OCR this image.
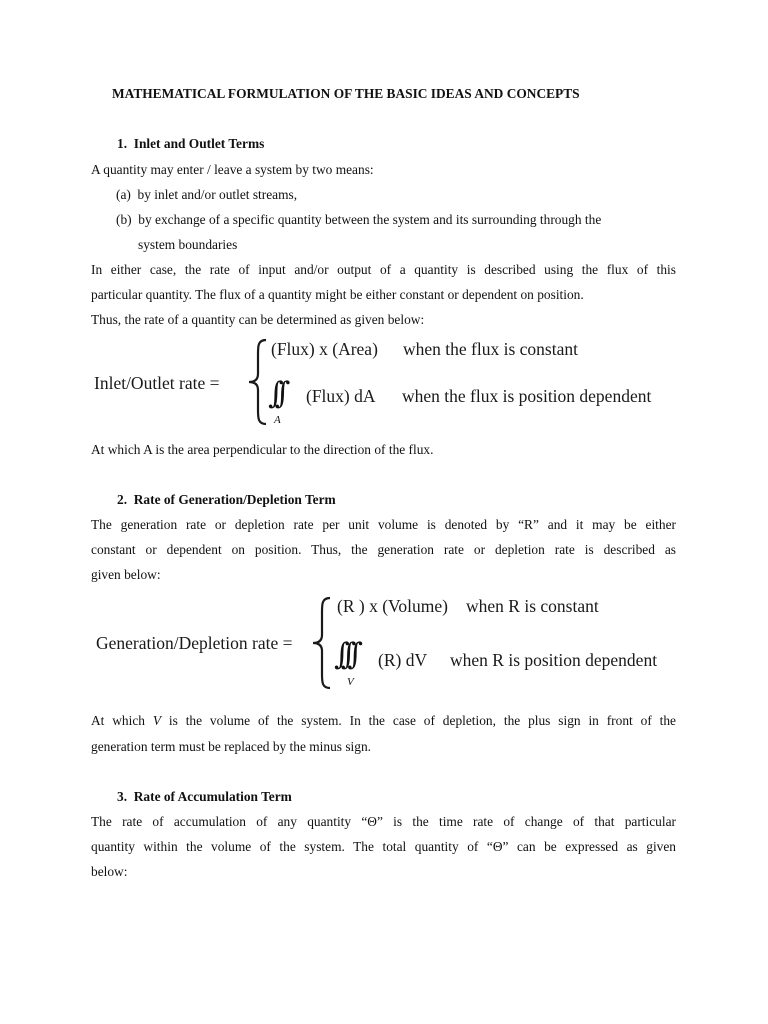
MATHEMATICAL FORMULATION OF THE BASIC IDEAS AND CONCEPTS
1.  Inlet and Outlet Terms
A quantity may enter / leave a system by two means:
(a)  by inlet and/or outlet streams,
(b)  by exchange of a specific quantity between the system and its surrounding through the
system boundaries
In either case, the rate of input and/or output of a quantity is described using the flux of this
particular quantity. The flux of a quantity might be either constant or dependent on position.
Thus, the rate of a quantity can be determined as given below:
Inlet/Outlet rate =
(Flux) x (Area) when the flux is constant
∫∫
A
(Flux) dA when the flux is position dependent
At which A is the area perpendicular to the direction of the flux.
2.  Rate of Generation/Depletion Term
The generation rate or depletion rate per unit volume is denoted by “R” and it may be either
constant or dependent on position. Thus, the generation rate or depletion rate is described as
given below:
Generation/Depletion rate =
(R ) x (Volume) when R is constant
∫∫∫
V
(R) dV when R is position dependent
At which V is the volume of the system. In the case of depletion, the plus sign in front of the
generation term must be replaced by the minus sign.
3.  Rate of Accumulation Term
The rate of accumulation of any quantity “Θ” is the time rate of change of that particular
quantity within the volume of the system. The total quantity of “Θ” can be expressed as given
below:
